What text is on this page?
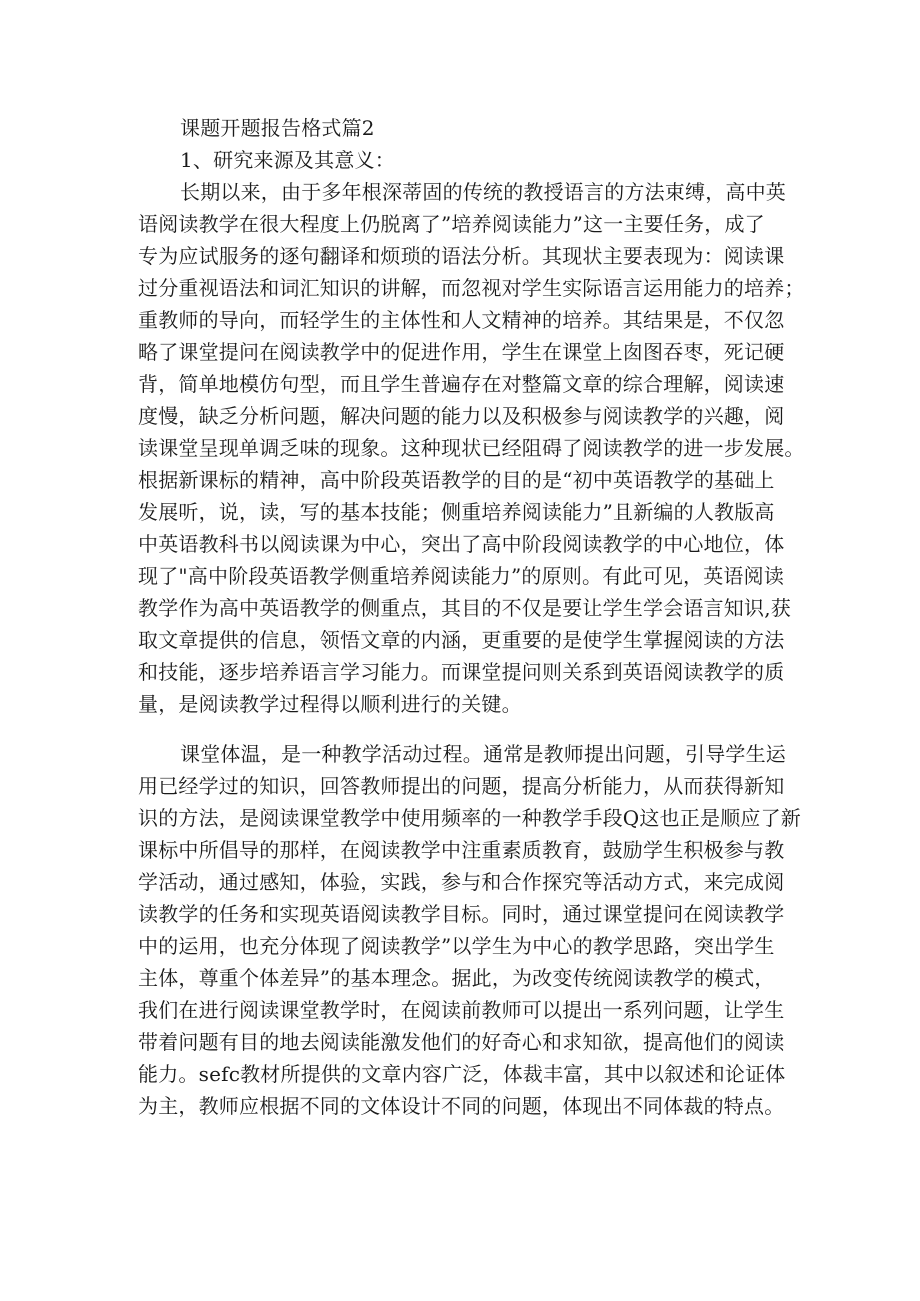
课题开题报告格式篇2
1、研究来源及其意义：
长期以来，由于多年根深蒂固的传统的教授语言的方法束缚，高中英
语阅读教学在很大程度上仍脱离了”培养阅读能力”这一主要任务，成了
专为应试服务的逐句翻译和烦琐的语法分析。其现状主要表现为：阅读课
过分重视语法和词汇知识的讲解，而忽视对学生实际语言运用能力的培养；
重教师的导向，而轻学生的主体性和人文精神的培养。其结果是，不仅忽
略了课堂提问在阅读教学中的促进作用，学生在课堂上囱图吞枣，死记硬
背，简单地模仿句型，而且学生普遍存在对整篇文章的综合理解，阅读速
度慢，缺乏分析问题，解决问题的能力以及积极参与阅读教学的兴趣，阅
读课堂呈现单调乏味的现象。这种现状已经阻碍了阅读教学的进一步发展。
根据新课标的精神，高中阶段英语教学的目的是“初中英语教学的基础上
发展听，说，读，写的基本技能；侧重培养阅读能力”且新编的人教版高
中英语教科书以阅读课为中心，突出了高中阶段阅读教学的中心地位，体
现了"高中阶段英语教学侧重培养阅读能力”的原则。有此可见，英语阅读
教学作为高中英语教学的侧重点，其目的不仅是要让学生学会语言知识,获
取文章提供的信息，领悟文章的内涵，更重要的是使学生掌握阅读的方法
和技能，逐步培养语言学习能力。而课堂提问则关系到英语阅读教学的质
量，是阅读教学过程得以顺利进行的关键。
课堂体温，是一种教学活动过程。通常是教师提出问题，引导学生运
用已经学过的知识，回答教师提出的问题，提高分析能力，从而获得新知
识的方法，是阅读课堂教学中使用频率的一种教学手段Q这也正是顺应了新
课标中所倡导的那样，在阅读教学中注重素质教育，鼓励学生积极参与教
学活动，通过感知，体验，实践，参与和合作探究等活动方式，来完成阅
读教学的任务和实现英语阅读教学目标。同时，通过课堂提问在阅读教学
中的运用，也充分体现了阅读教学”以学生为中心的教学思路，突出学生
主体，尊重个体差异”的基本理念。据此，为改变传统阅读教学的模式，
我们在进行阅读课堂教学时，在阅读前教师可以提出一系列问题，让学生
带着问题有目的地去阅读能激发他们的好奇心和求知欲，提高他们的阅读
能力。sefc教材所提供的文章内容广泛，体裁丰富，其中以叙述和论证体
为主，教师应根据不同的文体设计不同的问题，体现出不同体裁的特点。
